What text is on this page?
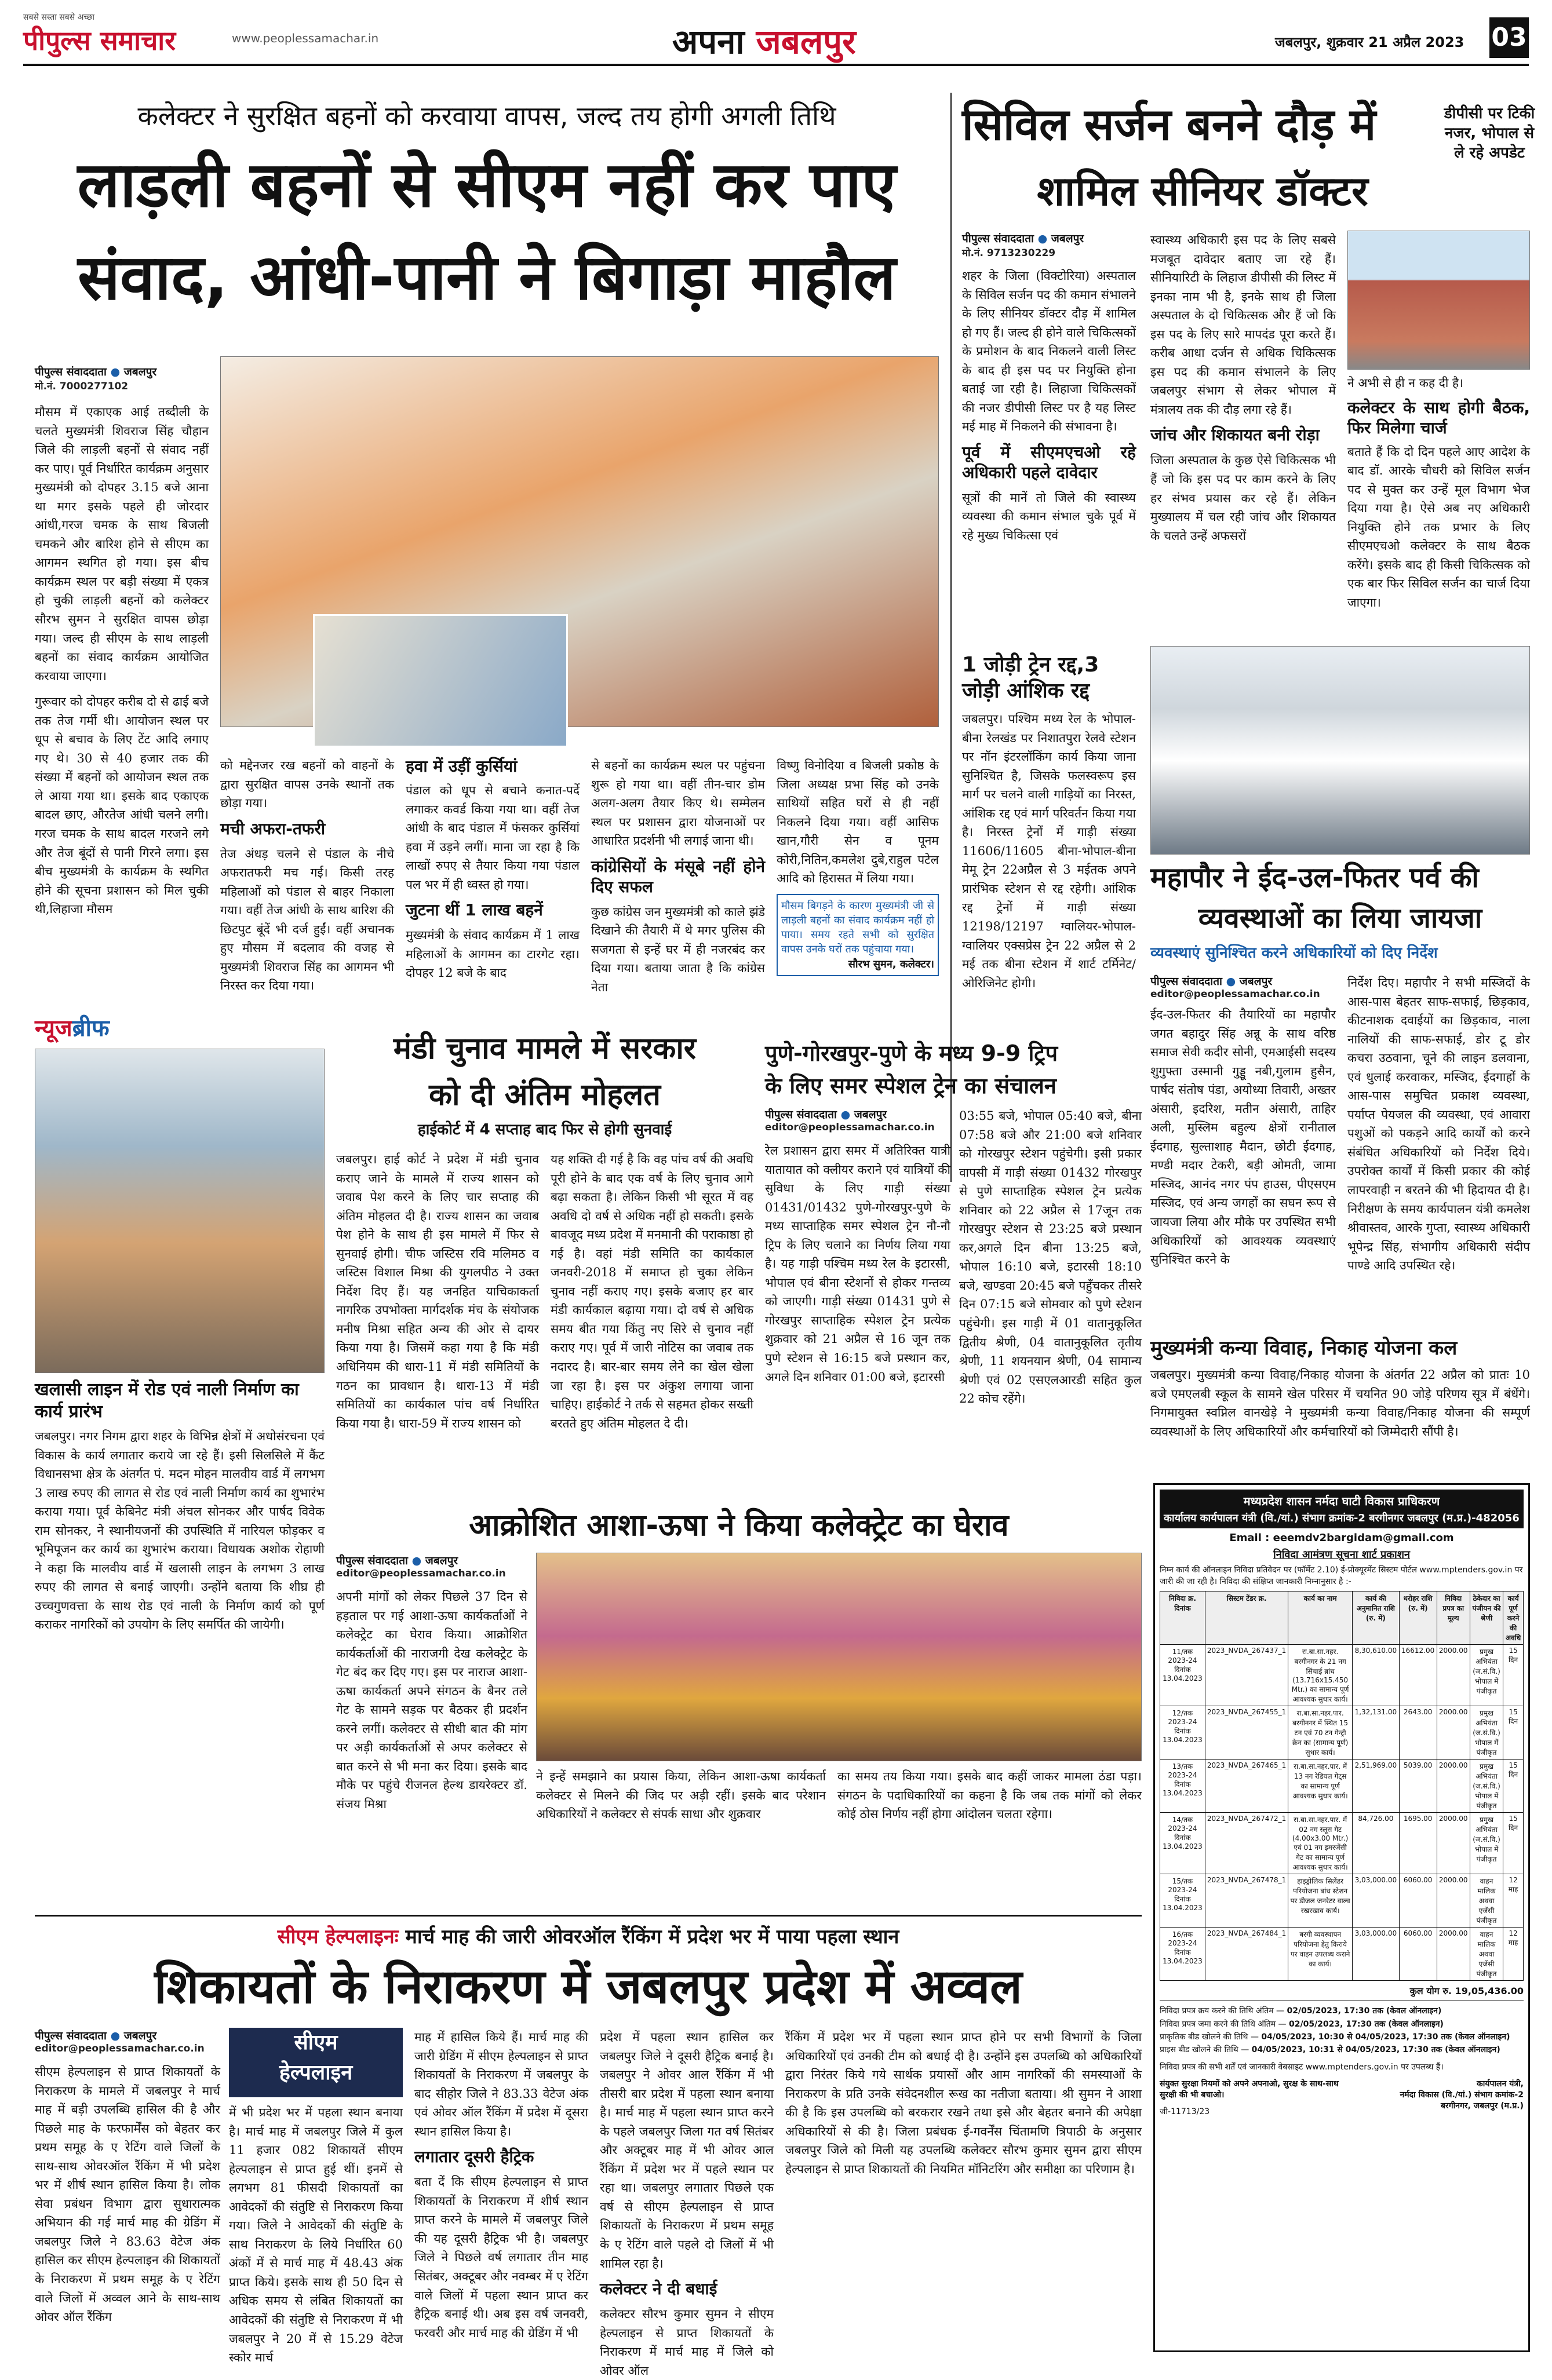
पीपुल्स समाचार
सबसे सस्ता सबसे अच्छा
www.peoplessamachar.in	अपना जबलपुर	जबलपुर, शुक्रवार 21 अप्रैल 2023 03
कलेक्टर ने सुरक्षित बहनों को करवाया वापस, जल्द तय होगी अगली तिथि
लाड़ली बहनों से सीएम नहीं कर पाए
संवाद, आंधी-पानी ने बिगाड़ा माहौल
पीपुल्स संवाददाता ● जबलपुर
मो.नं. 7000277102

मौसम में एकाएक आई तब्दीली के चलते मुख्यमंत्री शिवराज सिंह चौहान जिले की लाड़ली बहनों से संवाद नहीं कर पाए। पूर्व निर्धारित कार्यक्रम अनुसार मुख्यमंत्री को दोपहर 3.15 बजे आना था मगर इसके पहले ही जोरदार आंधी,गरज चमक के साथ बिजली चमकने और बारिश होने से सीएम का आगमन स्थगित हो गया। इस बीच कार्यक्रम स्थल पर बड़ी संख्या में एकत्र हो चुकी लाड़ली बहनों को कलेक्टर सौरभ सुमन ने सुरक्षित वापस छोड़ा गया। जल्द ही सीएम के साथ लाड़ली बहनों का संवाद कार्यक्रम आयोजित करवाया जाएगा।

गुरूवार को दोपहर करीब दो से ढाई बजे तक तेज गर्मी थी। आयोजन स्थल पर धूप से बचाव के लिए टेंट आदि लगाए गए थे। 30 से 40 हजार तक की संख्या में बहनों को आयोजन स्थल तक ले आया गया था। इसके बाद एकाएक बादल छाए, औरतेज आंधी चलने लगी। गरज चमक के साथ बादल गरजने लगे और तेज बूंदों से पानी गिरने लगा। इस बीच मुख्यमंत्री के कार्यक्रम के स्थगित होने की सूचना प्रशासन को मिल चुकी थी,लिहाजा मौसम

को मद्देनजर रख बहनों को वाहनों के द्वारा सुरक्षित वापस उनके स्थानों तक छोड़ा गया।

मची अफरा-तफरी

तेज अंधड़ चलने से पंडाल के नीचे अफरातफरी मच गई। किसी तरह महिलाओं को पंडाल से बाहर निकाला गया। वहीं तेज आंधी के साथ बारिश की छिटपुट बूंदें भी दर्ज हुईं। वहीं अचानक हुए मौसम में बदलाव की वजह से मुख्यमंत्री शिवराज सिंह का आगमन भी निरस्त कर दिया गया।

हवा में उड़ीं कुर्सियां

पंडाल को धूप से बचाने कनात-पर्दे लगाकर कवर्ड किया गया था। वहीं तेज आंधी के बाद पंडाल में फंसकर कुर्सियां हवा में उड़ने लगीं। माना जा रहा है कि लाखों रुपए से तैयार किया गया पंडाल पल भर में ही ध्वस्त हो गया।

जुटना थीं 1 लाख बहनें

मुख्यमंत्री के संवाद कार्यक्रम में 1 लाख महिलाओं के आगमन का टारगेट रहा। दोपहर 12 बजे के बाद

से बहनों का कार्यक्रम स्थल पर पहुंचना शुरू हो गया था। वहीं तीन-चार डोम अलग-अलग तैयार किए थे। सम्मेलन स्थल पर प्रशासन द्वारा योजनाओं पर आधारित प्रदर्शनी भी लगाई जाना थी।

कांग्रेसियों के मंसूबे नहीं होने दिए सफल

कुछ कांग्रेस जन मुख्यमंत्री को काले झंडे दिखाने की तैयारी में थे मगर पुलिस की सजगता से इन्हें घर में ही नजरबंद कर दिया गया। बताया जाता है कि कांग्रेस नेता

विष्णु विनोदिया व बिजली प्रकोष्ठ के जिला अध्यक्ष प्रभा सिंह को उनके साथियों सहित घरों से ही नहीं निकलने दिया गया। वहीं आसिफ खान,गौरी सेन व पूनम कोरी,नितिन,कमलेश दुबे,राहुल पटेल आदि को हिरासत में लिया गया।

मौसम बिगड़ने के कारण मुख्यमंत्री जी से लाड़ली बहनों का संवाद कार्यक्रम नहीं हो पाया। समय रहते सभी को सुरक्षित वापस उनके घरों तक पहुंचाया गया।
सौरभ सुमन, कलेक्टर।
सिविल सर्जन बनने दौड़ में
शामिल सीनियर डॉक्टर
डीपीसी पर टिकी नजर, भोपाल से ले रहे अपडेट
पीपुल्स संवाददाता ● जबलपुर
मो.नं. 9713230229

शहर के जिला (विक्टोरिया) अस्पताल के सिविल सर्जन पद की कमान संभालने के लिए सीनियर डॉक्टर दौड़ में शामिल हो गए हैं। जल्द ही होने वाले चिकित्सकों के प्रमोशन के बाद निकलने वाली लिस्ट के बाद ही इस पद पर नियुक्ति होना बताई जा रही है। लिहाजा चिकित्सकों की नजर डीपीसी लिस्ट पर है यह लिस्ट मई माह में निकलने की संभावना है।

पूर्व में सीएमएचओ रहे अधिकारी पहले दावेदार

सूत्रों की मानें तो जिले की स्वास्थ्य व्यवस्था की कमान संभाल चुके पूर्व में रहे मुख्य चिकित्सा एवं

स्वास्थ्य अधिकारी इस पद के लिए सबसे मजबूत दावेदार बताए जा रहे हैं। सीनियारिटी के लिहाज डीपीसी की लिस्ट में इनका नाम भी है, इनके साथ ही जिला अस्पताल के दो चिकित्सक और हैं जो कि इस पद के लिए सारे मापदंड पूरा करते हैं। करीब आधा दर्जन से अधिक चिकित्सक इस पद की कमान संभालने के लिए जबलपुर संभाग से लेकर भोपाल में मंत्रालय तक की दौड़ लगा रहे हैं।

जांच और शिकायत बनी रोड़ा

जिला अस्पताल के कुछ ऐसे चिकित्सक भी हैं जो कि इस पद पर काम करने के लिए हर संभव प्रयास कर रहे हैं। लेकिन मुख्यालय में चल रही जांच और शिकायत के चलते उन्हें अफसरों

ने अभी से ही न कह दी है।

कलेक्टर के साथ होगी बैठक, फिर मिलेगा चार्ज

बताते हैं कि दो दिन पहले आए आदेश के बाद डॉ. आरके चौधरी को सिविल सर्जन पद से मुक्त कर उन्हें मूल विभाग भेज दिया गया है। ऐसे अब नए अधिकारी नियुक्ति होने तक प्रभार के लिए सीएमएचओ कलेक्टर के साथ बैठक करेंगे। इसके बाद ही किसी चिकित्सक को एक बार फिर सिविल सर्जन का चार्ज दिया जाएगा।

1 जोड़ी ट्रेन रद्द,3 जोड़ी आंशिक रद्द
जबलपुर। पश्चिम मध्य रेल के भोपाल-बीना रेलखंड पर निशातपुरा रेलवे स्टेशन पर नॉन इंटरलॉकिंग कार्य किया जाना सुनिश्चित है, जिसके फलस्वरूप इस मार्ग पर चलने वाली गाड़ियों का निरस्त, आंशिक रद्द एवं मार्ग परिवर्तन किया गया है। निरस्त ट्रेनों में गाड़ी संख्या 11606/11605 बीना-भोपाल-बीना मेमू ट्रेन 22अप्रैल से 3 मईतक अपने प्रारंभिक स्टेशन से रद्द रहेगी। आंशिक रद्द ट्रेनों में गाड़ी संख्या 12198/12197 ग्वालियर-भोपाल-ग्वालियर एक्सप्रेस ट्रेन 22 अप्रैल से 2 मई तक बीना स्टेशन में शार्ट टर्मिनेट/ओरिजिनेट होगी।
महापौर ने ईद-उल-फितर पर्व की
व्यवस्थाओं का लिया जायजा
व्यवस्थाएं सुनिश्चित करने अधिकारियों को दिए निर्देश
पीपुल्स संवाददाता ● जबलपुर
editor@peoplessamachar.co.in

ईद-उल-फितर की तैयारियों का महापौर जगत बहादुर सिंह अन्नू के साथ वरिष्ठ समाज सेवी कदीर सोनी, एमआईसी सदस्य शुगुफ्ता उस्मानी गुड्डू नबी,गुलाम हुसैन, पार्षद संतोष पंडा, अयोध्या तिवारी, अख्तर अंसारी, इदरिश, मतीन अंसारी, ताहिर अली, मुस्लिम बहुल्य क्षेत्रों रानीताल ईदगाह, सुल्ताशाह मैदान, छोटी ईदगाह, मण्डी मदार टेकरी, बड़ी ओमती, जामा मस्जिद, आनंद नगर पंप हाउस, पीएसएम मस्जिद, एवं अन्य जगहों का सघन रूप से जायजा लिया और मौके पर उपस्थित सभी अधिकारियों को आवश्यक व्यवस्थाएं सुनिश्चित करने के

निर्देश दिए। महापौर ने सभी मस्जिदों के आस-पास बेहतर साफ-सफाई, छिड़काव, कीटनाशक दवाईयों का छिड़काव, नाला नालियों की साफ-सफाई, डोर टू डोर कचरा उठवाना, चूने की लाइन डलवाना, एवं धुलाई करवाकर, मस्जिद, ईदगाहों के आस-पास समुचित प्रकाश व्यवस्था, पर्याप्त पेयजल की व्यवस्था, एवं आवारा पशुओं को पकड़ने आदि कार्यों को करने संबंधित अधिकारियों को निर्देश दिये। उपरोक्त कार्यों में किसी प्रकार की कोई लापरवाही न बरतने की भी हिदायत दी है। निरीक्षण के समय कार्यपालन यंत्री कमलेश श्रीवास्तव, आरके गुप्ता, स्वास्थ्य अधिकारी भूपेन्द्र सिंह, संभागीय अधिकारी संदीप पाण्डे आदि उपस्थित रहे।

मुख्यमंत्री कन्या विवाह, निकाह योजना कल
जबलपुर। मुख्यमंत्री कन्या विवाह/निकाह योजना के अंतर्गत 22 अप्रैल को प्रातः 10 बजे एमएलबी स्कूल के सामने खेल परिसर में चयनित 90 जोड़े परिणय सूत्र में बंधेंगे। निगमायुक्त स्वप्निल वानखेड़े ने मुख्यमंत्री कन्या विवाह/निकाह योजना की सम्पूर्ण व्यवस्थाओं के लिए अधिकारियों और कर्मचारियों को जिम्मेदारी सौंपी है।
न्यूजब्रीफ
खलासी लाइन में रोड एवं नाली निर्माण का कार्य प्रारंभ
जबलपुर। नगर निगम द्वारा शहर के विभिन्न क्षेत्रों में अधोसंरचना एवं विकास के कार्य लगातार कराये जा रहे हैं। इसी सिलसिले में कैंट विधानसभा क्षेत्र के अंतर्गत पं. मदन मोहन मालवीय वार्ड में लगभग 3 लाख रुपए की लागत से रोड एवं नाली निर्माण कार्य का शुभारंभ कराया गया। पूर्व केबिनेट मंत्री अंचल सोनकर और पार्षद विवेक राम सोनकर, ने स्थानीयजनों की उपस्थिति में नारियल फोड़कर व भूमिपूजन कर कार्य का शुभारंभ कराया। विधायक अशोक रोहाणी ने कहा कि मालवीय वार्ड में खलासी लाइन के लगभग 3 लाख रुपए की लागत से बनाई जाएगी। उन्होंने बताया कि शीघ्र ही उच्चगुणवत्ता के साथ रोड एवं नाली के निर्माण कार्य को पूर्ण कराकर नागरिकों को उपयोग के लिए समर्पित की जायेगी।
मंडी चुनाव मामले में सरकार
को दी अंतिम मोहलत
हाईकोर्ट में 4 सप्ताह बाद फिर से होगी सुनवाई

जबलपुर। हाई कोर्ट ने प्रदेश में मंडी चुनाव कराए जाने के मामले में राज्य शासन को जवाब पेश करने के लिए चार सप्ताह की अंतिम मोहलत दी है। राज्य शासन का जवाब पेश होने के साथ ही इस मामले में फिर से सुनवाई होगी। चीफ जस्टिस रवि मलिमठ व जस्टिस विशाल मिश्रा की युगलपीठ ने उक्त निर्देश दिए हैं। यह जनहित याचिकाकर्ता नागरिक उपभोक्ता मार्गदर्शक मंच के संयोजक मनीष मिश्रा सहित अन्य की ओर से दायर किया गया है। जिसमें कहा गया है कि मंडी अधिनियम की धारा-11 में मंडी समितियों के गठन का प्रावधान है। धारा-13 में मंडी समितियों का कार्यकाल पांच वर्ष निर्धारित किया गया है। धारा-59 में राज्य शासन को

यह शक्ति दी गई है कि वह पांच वर्ष की अवधि पूरी होने के बाद एक वर्ष के लिए चुनाव आगे बढ़ा सकता है। लेकिन किसी भी सूरत में वह अवधि दो वर्ष से अधिक नहीं हो सकती। इसके बावजूद मध्य प्रदेश में मनमानी की पराकाष्ठा हो गई है। वहां मंडी समिति का कार्यकाल जनवरी-2018 में समाप्त हो चुका लेकिन चुनाव नहीं कराए गए। इसके बजाए हर बार मंडी कार्यकाल बढ़ाया गया। दो वर्ष से अधिक समय बीत गया किंतु नए सिरे से चुनाव नहीं कराए गए। पूर्व में जारी नोटिस का जवाब तक नदारद है। बार-बार समय लेने का खेल खेला जा रहा है। इस पर अंकुश लगाया जाना चाहिए। हाईकोर्ट ने तर्क से सहमत होकर सख्ती बरतते हुए अंतिम मोहलत दे दी।

पुणे-गोरखपुर-पुणे के मध्य 9-9 ट्रिप
के लिए समर स्पेशल ट्रेन का संचालन
पीपुल्स संवाददाता ● जबलपुर
editor@peoplessamachar.co.in

रेल प्रशासन द्वारा समर में अतिरिक्त यात्री यातायात को क्लीयर कराने एवं यात्रियों की सुविधा के लिए गाड़ी संख्या 01431/01432 पुणे-गोरखपुर-पुणे के मध्य साप्ताहिक समर स्पेशल ट्रेन नौ-नौ ट्रिप के लिए चलाने का निर्णय लिया गया है। यह गाड़ी पश्चिम मध्य रेल के इटारसी, भोपाल एवं बीना स्टेशनों से होकर गन्तव्य को जाएगी। गाड़ी संख्या 01431 पुणे से गोरखपुर साप्ताहिक स्पेशल ट्रेन प्रत्येक शुक्रवार को 21 अप्रैल से 16 जून तक पुणे स्टेशन से 16:15 बजे प्रस्थान कर, अगले दिन शनिवार 01:00 बजे, इटारसी

03:55 बजे, भोपाल 05:40 बजे, बीना 07:58 बजे और 21:00 बजे शनिवार को गोरखपुर स्टेशन पहुंचेगी। इसी प्रकार वापसी में गाड़ी संख्या 01432 गोरखपुर से पुणे साप्ताहिक स्पेशल ट्रेन प्रत्येक शनिवार को 22 अप्रैल से 17जून तक गोरखपुर स्टेशन से 23:25 बजे प्रस्थान कर,अगले दिन बीना 13:25 बजे, भोपाल 16:10 बजे, इटारसी 18:10 बजे, खण्डवा 20:45 बजे पहुँचकर तीसरे दिन 07:15 बजे सोमवार को पुणे स्टेशन पहुंचेगी। इस गाड़ी में 01 वातानुकूलित द्वितीय श्रेणी, 04 वातानुकूलित तृतीय श्रेणी, 11 शयनयान श्रेणी, 04 सामान्य श्रेणी एवं 02 एसएलआरडी सहित कुल 22 कोच रहेंगे।

आक्रोशित आशा-ऊषा ने किया कलेक्ट्रेट का घेराव
पीपुल्स संवाददाता ● जबलपुर
editor@peoplessamachar.co.in

अपनी मांगों को लेकर पिछले 37 दिन से हड़ताल पर गई आशा-ऊषा कार्यकर्ताओं ने कलेक्ट्रेट का घेराव किया। आक्रोशित कार्यकर्ताओं की नाराजगी देख कलेक्ट्रेट के गेट बंद कर दिए गए। इस पर नाराज आशा-ऊषा कार्यकर्ता अपने संगठन के बैनर तले गेट के सामने सड़क पर बैठकर ही प्रदर्शन करने लगीं। कलेक्टर से सीधी बात की मांग पर अड़ी कार्यकर्ताओं से अपर कलेक्टर से बात करने से भी मना कर दिया। इसके बाद मौके पर पहुंचे रीजनल हेल्थ डायरेक्टर डॉ. संजय मिश्रा

ने इन्हें समझाने का प्रयास किया, लेकिन आशा-ऊषा कार्यकर्ता कलेक्टर से मिलने की जिद पर अड़ी रहीं। इसके बाद परेशान अधिकारियों ने कलेक्टर से संपर्क साधा और शुक्रवार

का समय तय किया गया। इसके बाद कहीं जाकर मामला ठंडा पड़ा। संगठन के पदाधिकारियों का कहना है कि जब तक मांगों को लेकर कोई ठोस निर्णय नहीं होगा आंदोलन चलता रहेगा।

मध्यप्रदेश शासन नर्मदा घाटी विकास प्राधिकरण
कार्यालय कार्यपालन यंत्री (वि./यां.) संभाग क्रमांक-2 बरगीनगर जबलपुर (म.प्र.)-482056
Email : eeemdv2bargidam@gmail.com
निविदा आमंत्रण सूचना शार्ट प्रकाशन
निम्न कार्य की ऑनलाइन निविदा प्रतिवेदन पर (फॉर्मेट 2.10) ई-प्रोक्यूरमेंट सिस्टम पोर्टल www.mptenders.gov.in पर जारी की जा रही है। निविदा की संक्षिप्त जानकारी निम्नानुसार है :-
निविदा क्र. दिनांक	सिस्टम टेंडर क्र.	कार्य का नाम	कार्य की अनुमानित राशि (रु. में)	धरोहर राशि (रु. में)	निविदा प्रपत्र का मूल्य	ठेकेदार का पंजीयन की श्रेणी	कार्य पूर्ण करने की अवधि
11/तक 2023-24 दिनांक 13.04.2023	2023_NVDA_267437_1	रा.बा.सा.नहर. बरगीनगर के 21 नग सिंचाई ब्रांच (13.716x15.450 Mtr.) का सामान्य पूर्ण आवश्यक सुधार कार्य।	8,30,610.00	16612.00	2000.00	प्रमुख अभियंता (ज.सं.वि.) भोपाल में पंजीकृत	15 दिन
12/तक 2023-24 दिनांक 13.04.2023	2023_NVDA_267455_1	रा.बा.सा.नहर.पार. बरगीनगर में स्थित 15 टन एवं 70 टन गेन्ट्री क्रेन का (सामान्य पूर्ण) सुधार कार्य।	1,32,131.00	2643.00	2000.00	प्रमुख अभियंता (ज.सं.वि.) भोपाल में पंजीकृत	15 दिन
13/तक 2023-24 दिनांक 13.04.2023	2023_NVDA_267465_1	रा.बा.सा.नहर.पार. में 13 नग रेडियल गेट्स का सामान्य पूर्ण आवश्यक सुधार कार्य।	2,51,969.00	5039.00	2000.00	प्रमुख अभियंता (ज.सं.वि.) भोपाल में पंजीकृत	15 दिन
14/तक 2023-24 दिनांक 13.04.2023	2023_NVDA_267472_1	रा.बा.सा.नहर.पार. में 02 नग स्लूस गेट (4.00x3.00 Mtr.) एवं 01 नग इमरजेंसी गेट का सामान्य पूर्ण आवश्यक सुधार कार्य।	84,726.00	1695.00	2000.00	प्रमुख अभियंता (ज.सं.वि.) भोपाल में पंजीकृत	15 दिन
15/तक 2023-24 दिनांक 13.04.2023	2023_NVDA_267478_1	हाइड्रोलिक सिलेंडर परियोजना बांध स्टेशन पर डीजल जनरेटर वाल्व रखरखाव कार्य।	3,03,000.00	6060.00	2000.00	वाहन मालिक अथवा एजेंसी पंजीकृत	12 माह
16/तक 2023-24 दिनांक 13.04.2023	2023_NVDA_267484_1	बरगी व्यवस्थापन परियोजना हेतु किराये पर वाहन उपलब्ध कराने का कार्य।	3,03,000.00	6060.00	2000.00	वाहन मालिक अथवा एजेंसी पंजीकृत	12 माह
कुल योग रु. 19,05,436.00
निविदा प्रपत्र क्रय करने की तिथि अंतिम — 02/05/2023, 17:30 तक (केवल ऑनलाइन)
निविदा प्रपत्र जमा करने की तिथि अंतिम — 02/05/2023, 17:30 तक (केवल ऑनलाइन)
प्राकृतिक बीड खोलने की तिथि — 04/05/2023, 10:30 से 04/05/2023, 17:30 तक (केवल ऑनलाइन)
प्राइस बीड खोलने की तिथि — 04/05/2023, 10:31 से 04/05/2023, 17:30 तक (केवल ऑनलाइन)
निविदा प्रपत्र की सभी शर्तें एवं जानकारी वेबसाइट www.mptenders.gov.in पर उपलब्ध हैं।
संयुक्त सुरक्षा नियमों को अपने अपनाओ, सुरक्ष के साथ-साथ सुरक्षी की भी बचाओ।
जी-11713/23
कार्यपालन यंत्री,
नर्मदा विकास (वि./यां.) संभाग क्रमांक-2
बरगीनगर, जबलपुर (म.प्र.)
सीएम हेल्पलाइनः मार्च माह की जारी ओवरऑल रैंकिंग में प्रदेश भर में पाया पहला स्थान
शिकायतों के निराकरण में जबलपुर प्रदेश में अव्वल
पीपुल्स संवाददाता ● जबलपुर
editor@peoplessamachar.co.in

सीएम हेल्पलाइन से प्राप्त शिकायतों के निराकरण के मामले में जबलपुर ने मार्च माह में बड़ी उपलब्धि हासिल की है और पिछले माह के फरफार्मेंस को बेहतर कर प्रथम समूह के ए रेटिंग वाले जिलों के साथ-साथ ओवरऑल रैंकिंग में भी प्रदेश भर में शीर्ष स्थान हासिल किया है। लोक सेवा प्रबंधन विभाग द्वारा सुधारात्मक अभियान की गई मार्च माह की ग्रेडिंग में जबलपुर जिले ने 83.63 वेटेज अंक हासिल कर सीएम हेल्पलाइन की शिकायतों के निराकरण में प्रथम समूह के ए रेटिंग वाले जिलों में अव्वल आने के साथ-साथ ओवर ऑल रैंकिंग

सीएम
हेल्पलाइन

में भी प्रदेश भर में पहला स्थान बनाया है। मार्च माह में जबलपुर जिले में कुल 11 हजार 082 शिकायतें सीएम हेल्पलाइन से प्राप्त हुई थीं। इनमें से लगभग 81 फीसदी शिकायतों का आवेदकों की संतुष्टि से निराकरण किया गया। जिले ने आवेदकों की संतुष्टि के साथ निराकरण के लिये निर्धारित 60 अंकों में से मार्च माह में 48.43 अंक प्राप्त किये। इसके साथ ही 50 दिन से अधिक समय से लंबित शिकायतों का आवेदकों की संतुष्टि से निराकरण में भी जबलपुर ने 20 में से 15.29 वेटेज स्कोर मार्च

माह में हासिल किये हैं। मार्च माह की जारी ग्रेडिंग में सीएम हेल्पलाइन से प्राप्त शिकायतों के निराकरण में जबलपुर के बाद सीहोर जिले ने 83.33 वेटेज अंक एवं ओवर ऑल रैंकिंग में प्रदेश में दूसरा स्थान हासिल किया है।

लगातार दूसरी हैट्रिक

बता दें कि सीएम हेल्पलाइन से प्राप्त शिकायतों के निराकरण में शीर्ष स्थान प्राप्त करने के मामले में जबलपुर जिले की यह दूसरी हैट्रिक भी है। जबलपुर जिले ने पिछले वर्ष लगातार तीन माह सितंबर, अक्टूबर और नवम्बर में ए रेटिंग वाले जिलों में पहला स्थान प्राप्त कर हैट्रिक बनाई थी। अब इस वर्ष जनवरी, फरवरी और मार्च माह की ग्रेडिंग में भी

प्रदेश में पहला स्थान हासिल कर जबलपुर जिले ने दूसरी हैट्रिक बनाई है। जबलपुर ने ओवर आल रैंकिंग में भी तीसरी बार प्रदेश में पहला स्थान बनाया है। मार्च माह में पहला स्थान प्राप्त करने के पहले जबलपुर जिला गत वर्ष सितंबर और अक्टूबर माह में भी ओवर आल रैंकिंग में प्रदेश भर में पहले स्थान पर रहा था। जबलपुर लगातार पिछले एक वर्ष से सीएम हेल्पलाइन से प्राप्त शिकायतों के निराकरण में प्रथम समूह के ए रेटिंग वाले पहले दो जिलों में भी शामिल रहा है।

कलेक्टर ने दी बधाई

कलेक्टर सौरभ कुमार सुमन ने सीएम हेल्पलाइन से प्राप्त शिकायतों के निराकरण में मार्च माह में जिले को ओवर ऑल

रैंकिंग में प्रदेश भर में पहला स्थान प्राप्त होने पर सभी विभागों के जिला अधिकारियों एवं उनकी टीम को बधाई दी है। उन्होंने इस उपलब्धि को अधिकारियों द्वारा निरंतर किये गये सार्थक प्रयासों और आम नागरिकों की समस्याओं के निराकरण के प्रति उनके संवेदनशील रूख का नतीजा बताया। श्री सुमन ने आशा की है कि इस उपलब्धि को बरकरार रखने तथा इसे और बेहतर बनाने की अपेक्षा अधिकारियों से की है। जिला प्रबंधक ई-गवर्नेंस चिंतामणि त्रिपाठी के अनुसार जबलपुर जिले को मिली यह उपलब्धि कलेक्टर सौरभ कुमार सुमन द्वारा सीएम हेल्पलाइन से प्राप्त शिकायतों की नियमित मॉनिटरिंग और समीक्षा का परिणाम है।
